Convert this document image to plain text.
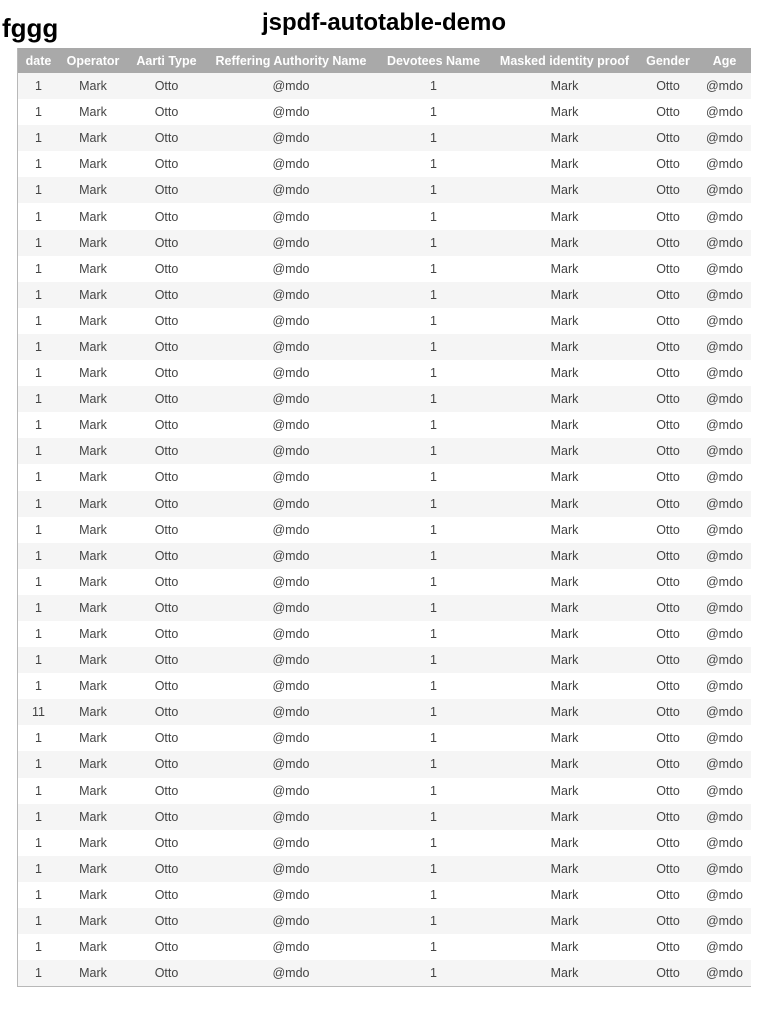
fggg	jspdf-autotable-demo
date	Operator	Aarti Type	Reffering Authority Name	Devotees Name	Masked identity proof	Gender	Age
1	Mark	Otto	@mdo	1	Mark	Otto	@mdo
1	Mark	Otto	@mdo	1	Mark	Otto	@mdo
1	Mark	Otto	@mdo	1	Mark	Otto	@mdo
1	Mark	Otto	@mdo	1	Mark	Otto	@mdo
1	Mark	Otto	@mdo	1	Mark	Otto	@mdo
1	Mark	Otto	@mdo	1	Mark	Otto	@mdo
1	Mark	Otto	@mdo	1	Mark	Otto	@mdo
1	Mark	Otto	@mdo	1	Mark	Otto	@mdo
1	Mark	Otto	@mdo	1	Mark	Otto	@mdo
1	Mark	Otto	@mdo	1	Mark	Otto	@mdo
1	Mark	Otto	@mdo	1	Mark	Otto	@mdo
1	Mark	Otto	@mdo	1	Mark	Otto	@mdo
1	Mark	Otto	@mdo	1	Mark	Otto	@mdo
1	Mark	Otto	@mdo	1	Mark	Otto	@mdo
1	Mark	Otto	@mdo	1	Mark	Otto	@mdo
1	Mark	Otto	@mdo	1	Mark	Otto	@mdo
1	Mark	Otto	@mdo	1	Mark	Otto	@mdo
1	Mark	Otto	@mdo	1	Mark	Otto	@mdo
1	Mark	Otto	@mdo	1	Mark	Otto	@mdo
1	Mark	Otto	@mdo	1	Mark	Otto	@mdo
1	Mark	Otto	@mdo	1	Mark	Otto	@mdo
1	Mark	Otto	@mdo	1	Mark	Otto	@mdo
1	Mark	Otto	@mdo	1	Mark	Otto	@mdo
1	Mark	Otto	@mdo	1	Mark	Otto	@mdo
11	Mark	Otto	@mdo	1	Mark	Otto	@mdo
1	Mark	Otto	@mdo	1	Mark	Otto	@mdo
1	Mark	Otto	@mdo	1	Mark	Otto	@mdo
1	Mark	Otto	@mdo	1	Mark	Otto	@mdo
1	Mark	Otto	@mdo	1	Mark	Otto	@mdo
1	Mark	Otto	@mdo	1	Mark	Otto	@mdo
1	Mark	Otto	@mdo	1	Mark	Otto	@mdo
1	Mark	Otto	@mdo	1	Mark	Otto	@mdo
1	Mark	Otto	@mdo	1	Mark	Otto	@mdo
1	Mark	Otto	@mdo	1	Mark	Otto	@mdo
1	Mark	Otto	@mdo	1	Mark	Otto	@mdo
